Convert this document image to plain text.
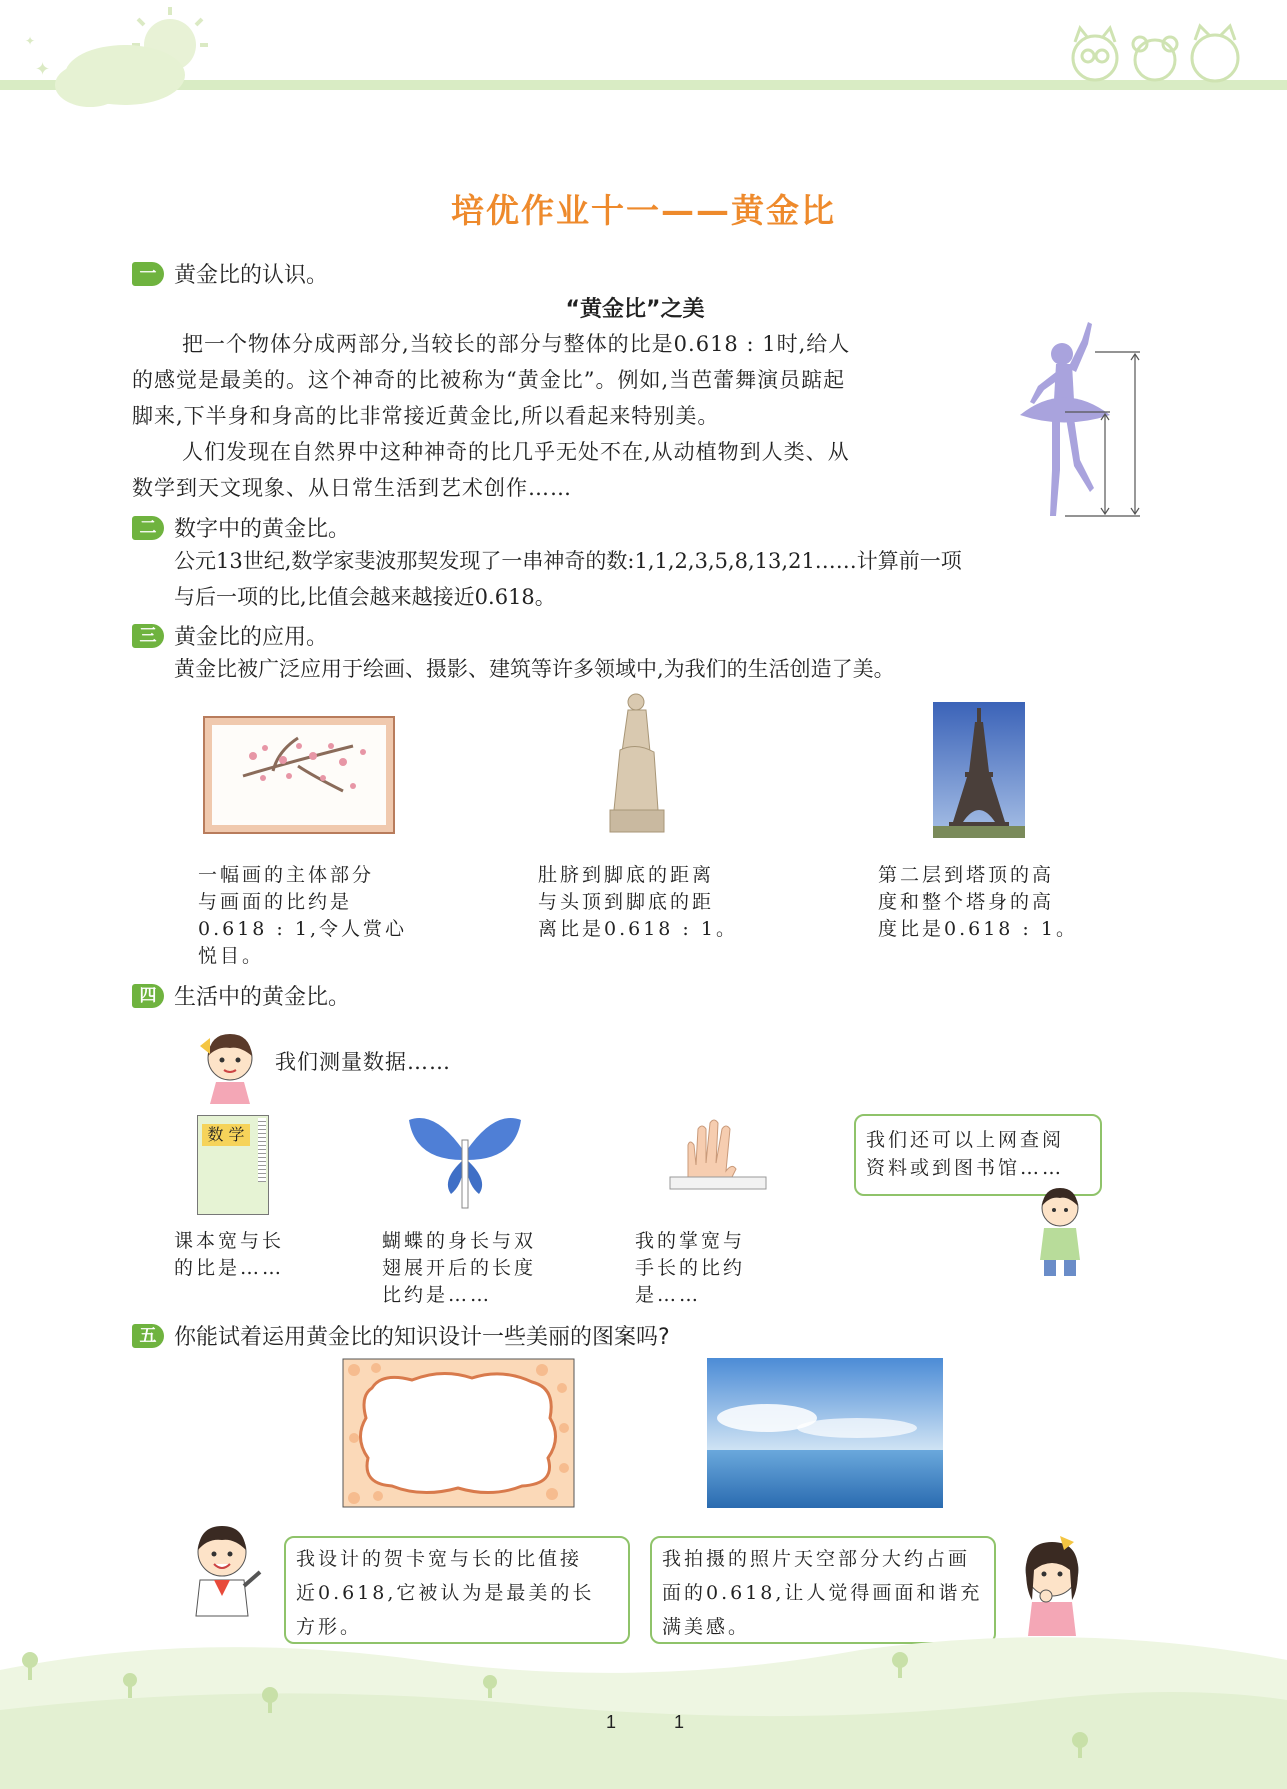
✦
✦
培优作业十一——黄金比
一 黄金比的认识。
“黄金比”之美
把一个物体分成两部分,当较长的部分与整体的比是0.618 : 1时,给人
的感觉是最美的。这个神奇的比被称为“黄金比”。例如,当芭蕾舞演员踮起
脚来,下半身和身高的比非常接近黄金比,所以看起来特别美。
人们发现在自然界中这种神奇的比几乎无处不在,从动植物到人类、从
数学到天文现象、从日常生活到艺术创作……
二 数字中的黄金比。
公元13世纪,数学家斐波那契发现了一串神奇的数:1,1,2,3,5,8,13,21……计算前一项
与后一项的比,比值会越来越接近0.618。
三 黄金比的应用。
黄金比被广泛应用于绘画、摄影、建筑等许多领域中,为我们的生活创造了美。
一幅画的主体部分
与画面的比约是
0.618 : 1,令人赏心
悦目。
肚脐到脚底的距离
与头顶到脚底的距
离比是0.618 : 1。
第二层到塔顶的高
度和整个塔身的高
度比是0.618 : 1。
四 生活中的黄金比。
我们测量数据……
数 学
课本宽与长
的比是……
蝴蝶的身长与双
翅展开后的长度
比约是……
我的掌宽与
手长的比约
是……
我们还可以上网查阅
资料或到图书馆……
五 你能试着运用黄金比的知识设计一些美丽的图案吗?
我设计的贺卡宽与长的比值接
近0.618,它被认为是最美的长
方形。
我拍摄的照片天空部分大约占画
面的0.618,让人觉得画面和谐充
满美感。
1	1
